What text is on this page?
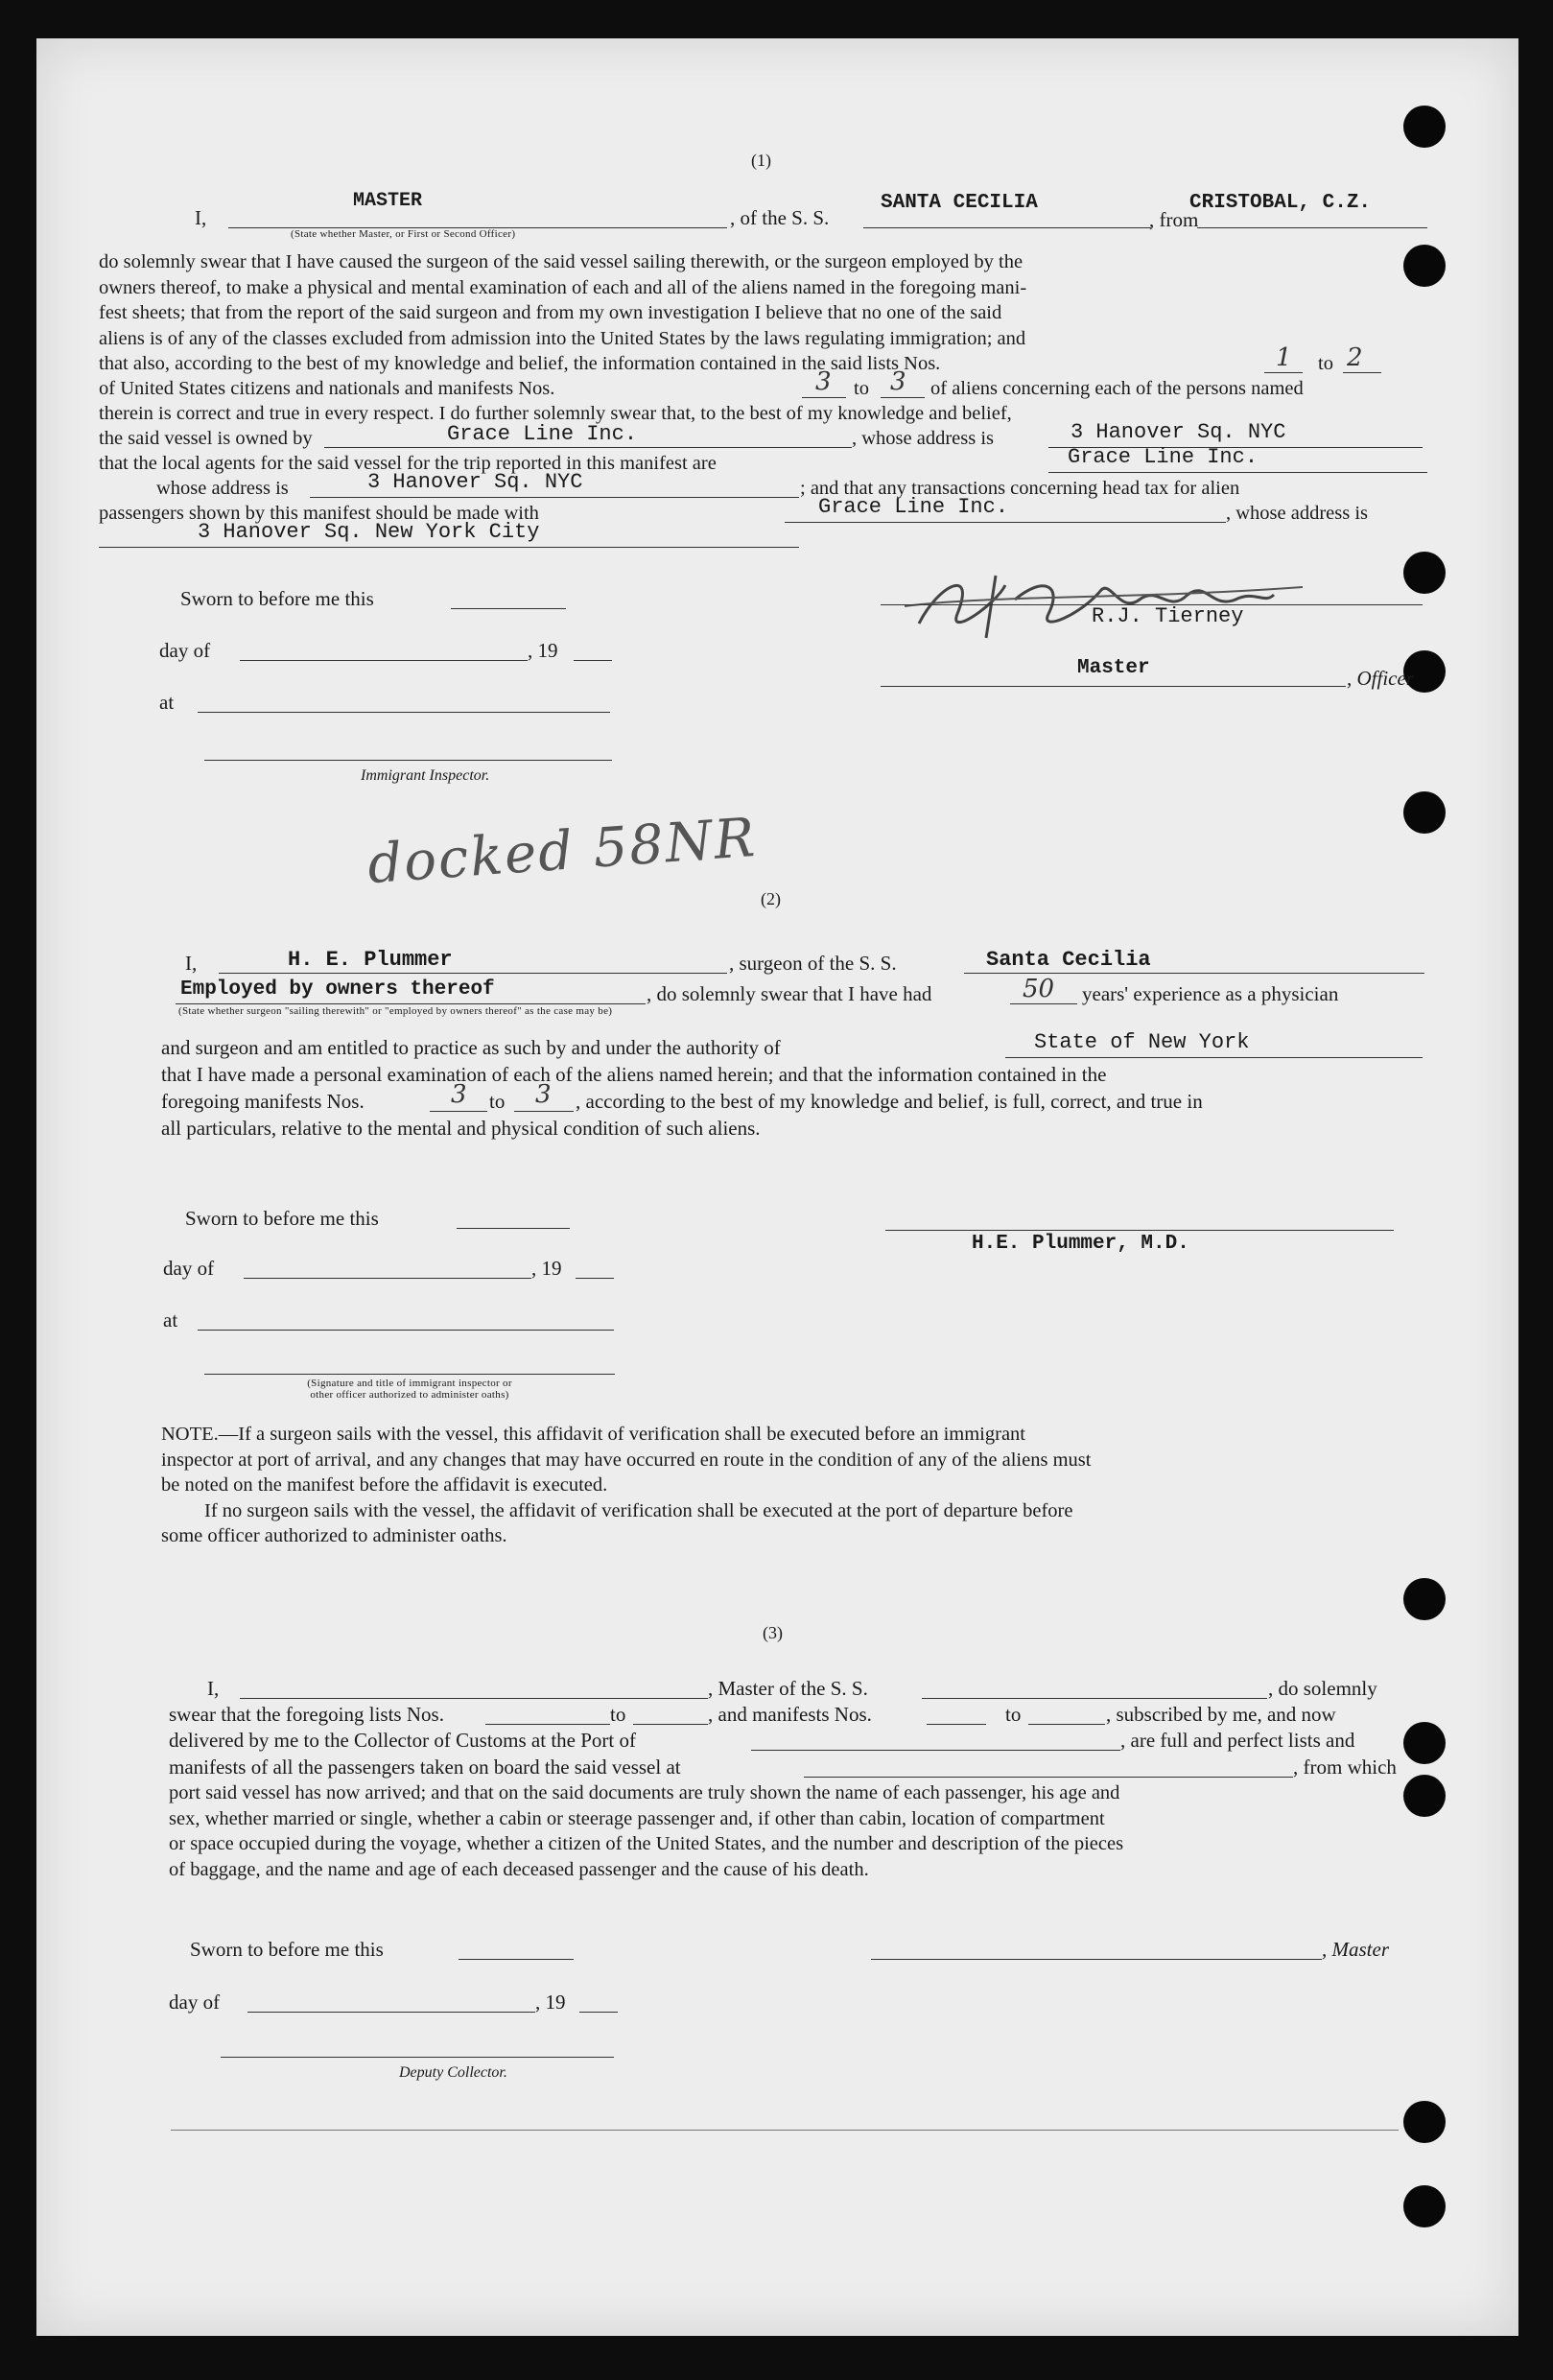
(1)
I,
MASTER
(State whether Master, or First or Second Officer)
, of the S. S.
SANTA CECILIA
, from
CRISTOBAL, C.Z.

do solemnly swear that I have caused the surgeon of the said vessel sailing therewith, or the surgeon employed by the

owners thereof, to make a physical and mental examination of each and all of the aliens named in the foregoing mani-

fest sheets; that from the report of the said surgeon and from my own investigation I believe that no one of the said

aliens is of any of the classes excluded from admission into the United States by the laws regulating immigration; and

that also, according to the best of my knowledge and belief, the information contained in the said lists Nos.	1 to 2
of United States citizens and nationals and manifests Nos.	3 to 3 of aliens concerning each of the persons named
therein is correct and true in every respect. I do further solemnly swear that, to the best of my knowledge and belief,
the said vessel is owned by	Grace Line Inc.	, whose address is	3 Hanover Sq. NYC
that the local agents for the said vessel for the trip reported in this manifest are	Grace Line Inc.
whose address is	3 Hanover Sq. NYC	; and that any transactions concerning head tax for alien
passengers shown by this manifest should be made with	Grace Line Inc.	, whose address is
3 Hanover Sq. New York City
Sworn to before me this
day of	, 19
at
Immigrant Inspector.
R.J. Tierney
Master	, Officer
docked 58NR
(2)
I,	H. E. Plummer	, surgeon of the S. S.	Santa Cecilia
Employed by owners thereof	, do solemnly swear that I have had	50 years' experience as a physician
(State whether surgeon "sailing therewith" or "employed by owners thereof" as the case may be)
and surgeon and am entitled to practice as such by and under the authority of	State of New York
that I have made a personal examination of each of the aliens named herein; and that the information contained in the
foregoing manifests Nos.	3 to 3 , according to the best of my knowledge and belief, is full, correct, and true in
all particulars, relative to the mental and physical condition of such aliens.
Sworn to before me this
day of	, 19
at
(Signature and title of immigrant inspector or
other officer authorized to administer oaths)
H.E. Plummer, M.D.

NOTE.—If a surgeon sails with the vessel, this affidavit of verification shall be executed before an immigrant

inspector at port of arrival, and any changes that may have occurred en route in the condition of any of the aliens must

be noted on the manifest before the affidavit is executed.

If no surgeon sails with the vessel, the affidavit of verification shall be executed at the port of departure before

some officer authorized to administer oaths.

(3)
I,	, Master of the S. S.	, do solemnly
swear that the foregoing lists Nos.	to	, and manifests Nos.	to	, subscribed by me, and now
delivered by me to the Collector of Customs at the Port of	, are full and perfect lists and
manifests of all the passengers taken on board the said vessel at	, from which

port said vessel has now arrived; and that on the said documents are truly shown the name of each passenger, his age and

sex, whether married or single, whether a cabin or steerage passenger and, if other than cabin, location of compartment

or space occupied during the voyage, whether a citizen of the United States, and the number and description of the pieces

of baggage, and the name and age of each deceased passenger and the cause of his death.

Sworn to before me this	, Master
day of	, 19
Deputy Collector.
